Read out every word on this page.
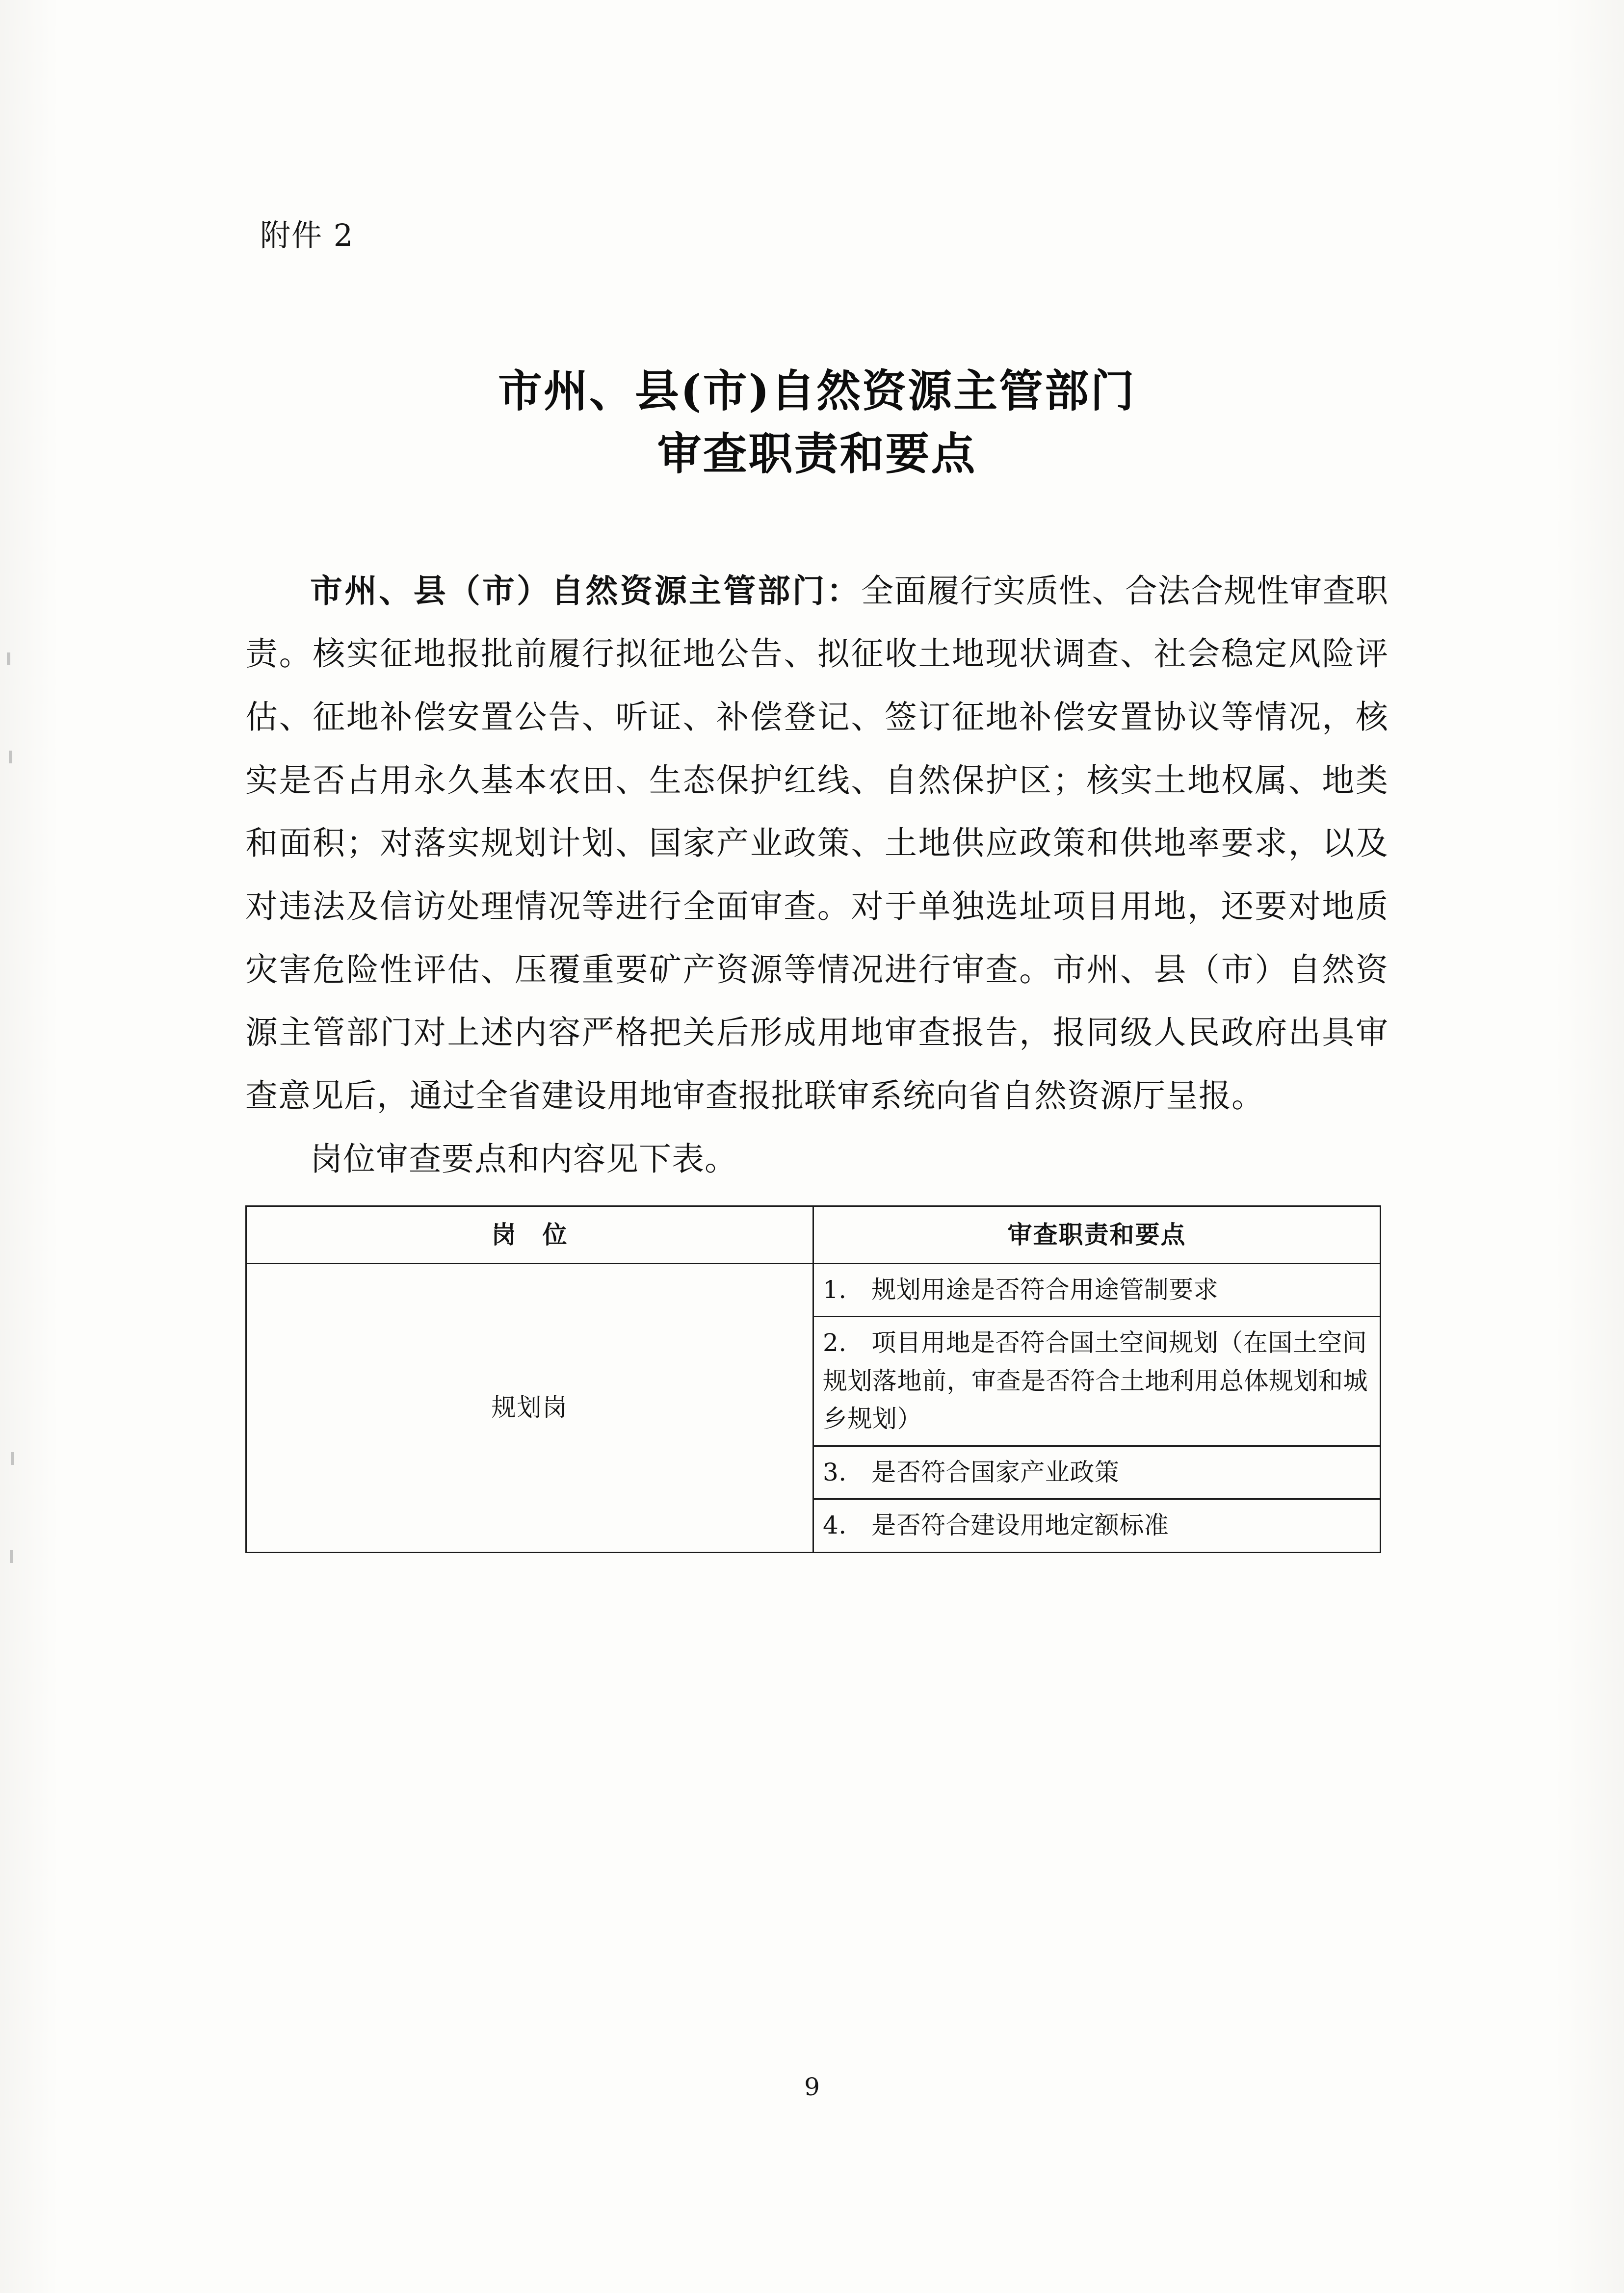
附件 2
市州、县(市)自然资源主管部门
审查职责和要点

市州、县（市）自然资源主管部门：全面履行实质性、合法合规性审查职责。核实征地报批前履行拟征地公告、拟征收土地现状调查、社会稳定风险评估、征地补偿安置公告、听证、补偿登记、签订征地补偿安置协议等情况，核实是否占用永久基本农田、生态保护红线、自然保护区；核实土地权属、地类和面积；对落实规划计划、国家产业政策、土地供应政策和供地率要求，以及对违法及信访处理情况等进行全面审查。对于单独选址项目用地，还要对地质灾害危险性评估、压覆重要矿产资源等情况进行审查。市州、县（市）自然资源主管部门对上述内容严格把关后形成用地审查报告，报同级人民政府出具审查意见后，通过全省建设用地审查报批联审系统向省自然资源厅呈报。

岗位审查要点和内容见下表。

岗　位	审查职责和要点
规划岗	1.　规划用途是否符合用途管制要求
	2.　项目用地是否符合国土空间规划（在国土空间规划落地前，审查是否符合土地利用总体规划和城乡规划）
	3.　是否符合国家产业政策
	4.　是否符合建设用地定额标准
9
